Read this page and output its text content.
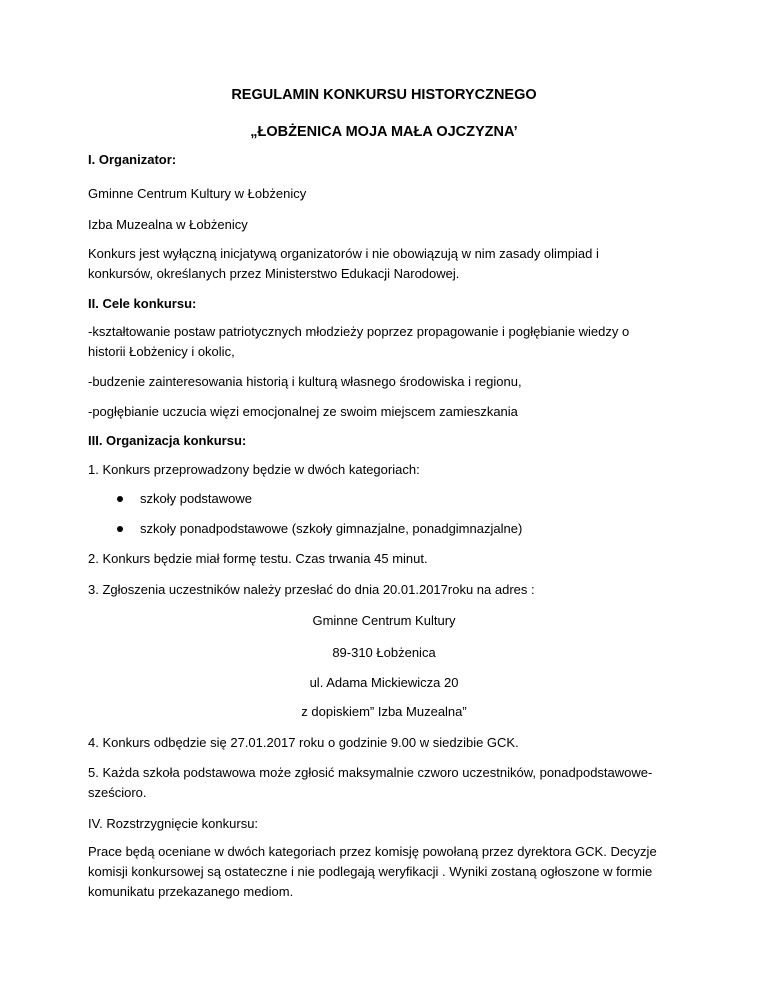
REGULAMIN KONKURSU HISTORYCZNEGO
„ŁOBŻENICA MOJA MAŁA OJCZYZNA’
I. Organizator:
Gminne Centrum Kultury w Łobżenicy
Izba Muzealna w Łobżenicy
Konkurs jest wyłączną inicjatywą organizatorów i nie obowiązują w nim zasady olimpiad i
konkursów, określanych przez Ministerstwo Edukacji Narodowej.
II. Cele konkursu:
-kształtowanie postaw patriotycznych młodzieży poprzez propagowanie i pogłębianie wiedzy o
historii Łobżenicy i okolic,
-budzenie zainteresowania historią i kulturą własnego środowiska i regionu,
-pogłębianie uczucia więzi emocjonalnej ze swoim miejscem zamieszkania
III. Organizacja konkursu:
1. Konkurs przeprowadzony będzie w dwóch kategoriach:
szkoły podstawowe
szkoły ponadpodstawowe (szkoły gimnazjalne, ponadgimnazjalne)
2. Konkurs będzie miał formę testu. Czas trwania 45 minut.
3. Zgłoszenia uczestników należy przesłać do dnia 20.01.2017roku na adres :
Gminne Centrum Kultury
89-310 Łobżenica
ul. Adama Mickiewicza 20
z dopiskiem” Izba Muzealna”
4. Konkurs odbędzie się 27.01.2017 roku o godzinie 9.00 w siedzibie GCK.
5. Każda szkoła podstawowa może zgłosić maksymalnie czworo uczestników, ponadpodstawowe-
sześcioro.
IV. Rozstrzygnięcie konkursu:
Prace będą oceniane w dwóch kategoriach przez komisję powołaną przez dyrektora GCK. Decyzje
komisji konkursowej są ostateczne i nie podlegają weryfikacji . Wyniki zostaną ogłoszone w formie
komunikatu przekazanego mediom.
